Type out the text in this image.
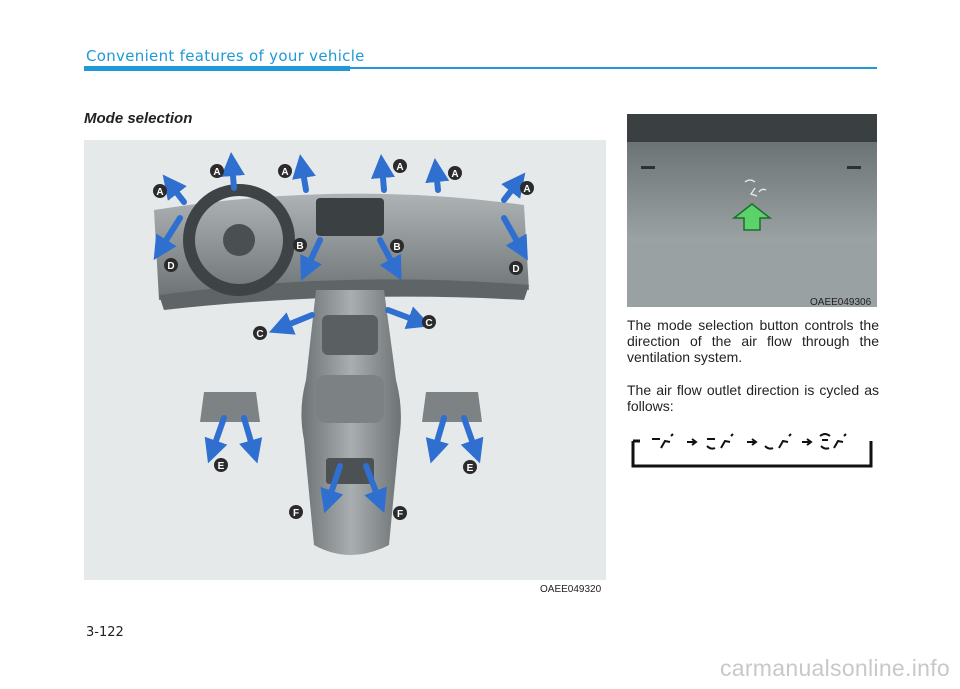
Convenient features of your vehicle
Mode selection
A
A	A	A
A
A
B	B
C
C
D	D
E	E
F	F
OAEE049320
OAEE049306
The mode selection button controls the direction of the air flow through the ventilation system.
The air flow outlet direction is cycled as follows:
3-122
carmanualsonline.info
